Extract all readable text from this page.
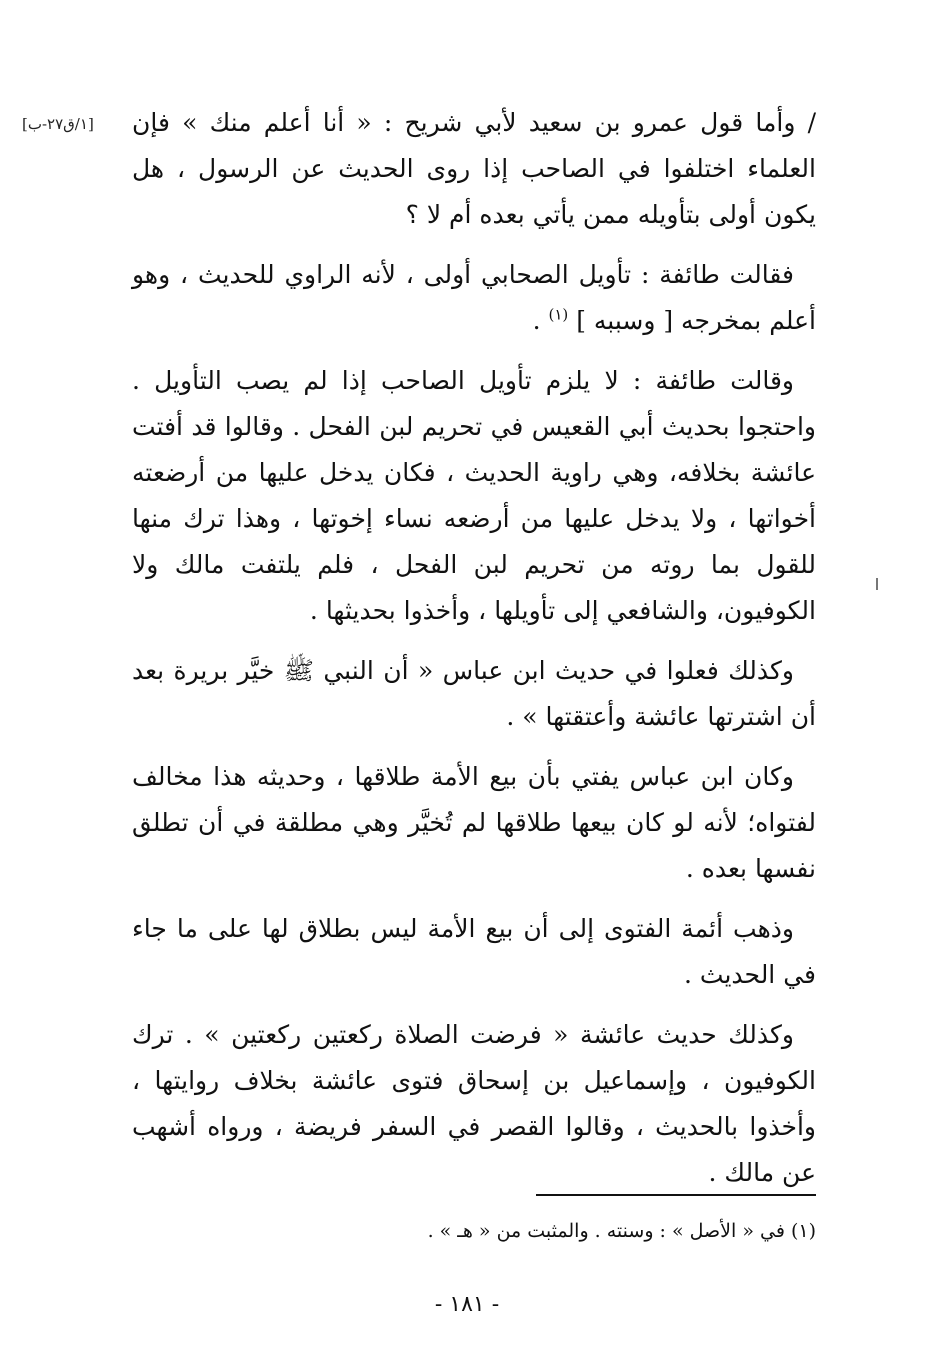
[١/ق٢٧-ب] / وأما قول عمرو بن سعيد لأبي شريح : « أنا أعلم منك » فإن العلماء اختلفوا في الصاحب إذا روى الحديث عن الرسول ، هل يكون أولى بتأويله ممن يأتي بعده أم لا ؟

فقالت طائفة : تأويل الصحابي أولى ، لأنه الراوي للحديث ، وهو أعلم بمخرجه [ وسببه ] $^{(١)}$ .

وقالت طائفة : لا يلزم تأويل الصاحب إذا لم يصب التأويل . واحتجوا بحديث أبي القعيس في تحريم لبن الفحل . وقالوا قد أفتت عائشة بخلافه، وهي راوية الحديث ، فكان يدخل عليها من أرضعته أخواتها ، ولا يدخل عليها من أرضعه نساء إخوتها ، وهذا ترك منها للقول بما روته من تحريم لبن الفحل ، فلم يلتفت مالك ولا الكوفيون، والشافعي إلى تأويلها ، وأخذوا بحديثها .

وكذلك فعلوا في حديث ابن عباس « أن النبي ﷺ خيَّر بريرة بعد أن اشترتها عائشة وأعتقتها » .

وكان ابن عباس يفتي بأن بيع الأمة طلاقها ، وحديثه هذا مخالف لفتواه؛ لأنه لو كان بيعها طلاقها لم تُخيَّر وهي مطلقة في أن تطلق نفسها بعده .

وذهب أئمة الفتوى إلى أن بيع الأمة ليس بطلاق لها على ما جاء في الحديث .

وكذلك حديث عائشة « فرضت الصلاة ركعتين ركعتين » . ترك الكوفيون ، وإسماعيل بن إسحاق فتوى عائشة بخلاف روايتها ، وأخذوا بالحديث ، وقالوا القصر في السفر فريضة ، ورواه أشهب عن مالك .

(١) في « الأصل » : وسنته . والمثبت من « هـ » .
- ١٨١ -
